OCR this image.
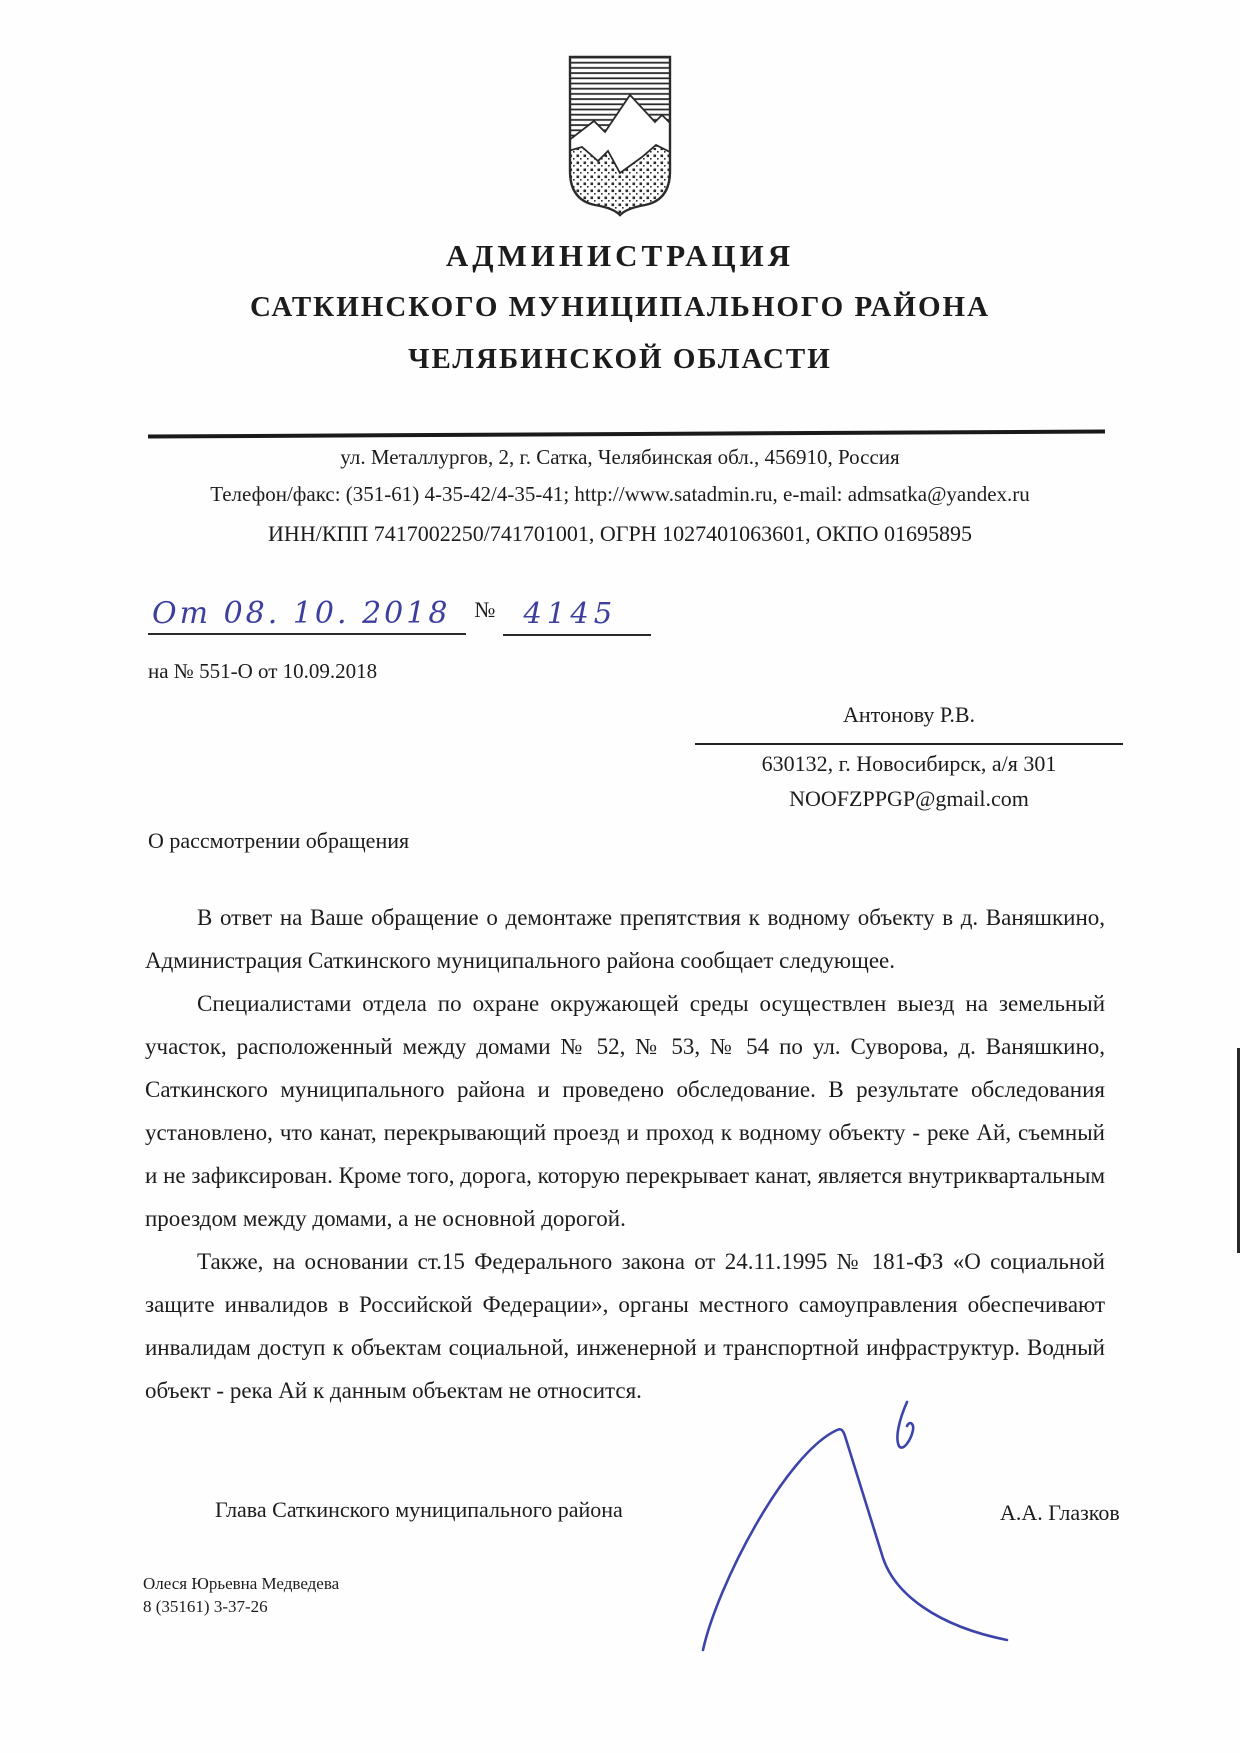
АДМИНИСТРАЦИЯ
САТКИНСКОГО МУНИЦИПАЛЬНОГО РАЙОНА
ЧЕЛЯБИНСКОЙ ОБЛАСТИ
ул. Металлургов, 2, г. Сатка, Челябинская обл., 456910, Россия
Телефон/факс: (351-61) 4-35-42/4-35-41; http://www.satadmin.ru, e-mail: admsatka@yandex.ru
ИНН/КПП 7417002250/741701001, ОГРН 1027401063601, ОКПО 01695895
От 08. 10. 2018 № 4145
на № 551-О от 10.09.2018
Антонову Р.В.
630132, г. Новосибирск, а/я 301
NOOFZPPGP@gmail.com
О рассмотрении обращения

В ответ на Ваше обращение о демонтаже препятствия к водному объекту в д. Ваняшкино, Администрация Саткинского муниципального района сообщает следующее.

Специалистами отдела по охране окружающей среды осуществлен выезд на земельный участок, расположенный между домами № 52, № 53, № 54 по ул. Суворова, д. Ваняшкино, Саткинского муниципального района и проведено обследование. В результате обследования установлено, что канат, перекрывающий проезд и проход к водному объекту - реке Ай, съемный и не зафиксирован. Кроме того, дорога, которую перекрывает канат, является внутриквартальным проездом между домами, а не основной дорогой.

Также, на основании ст.15 Федерального закона от 24.11.1995 № 181-ФЗ «О социальной защите инвалидов в Российской Федерации», органы местного самоуправления обеспечивают инвалидам доступ к объектам социальной, инженерной и транспортной инфраструктур. Водный объект - река Ай к данным объектам не относится.

Глава Саткинского муниципального района	А.А. Глазков
Олеся Юрьевна Медведева
8 (35161) 3-37-26
